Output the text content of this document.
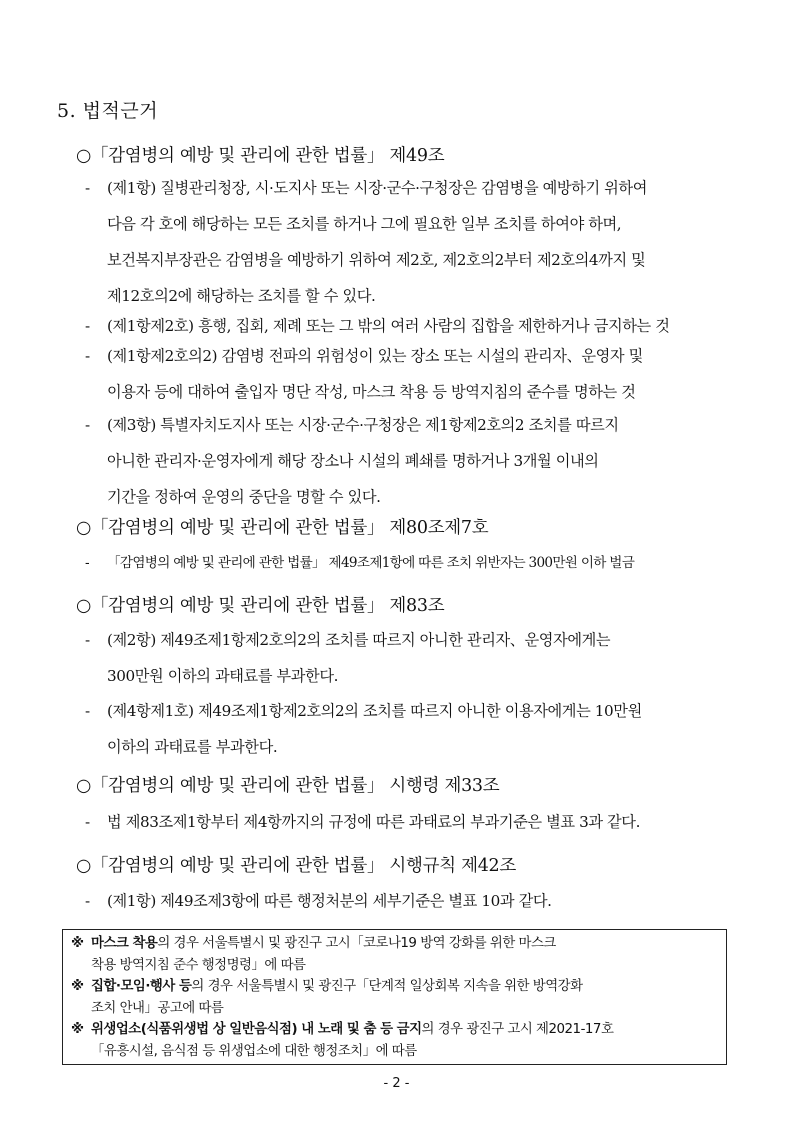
5. 법적근거
○「감염병의 예방 및 관리에 관한 법률」 제49조
- (제1항) 질병관리청장, 시·도지사 또는 시장·군수·구청장은 감염병을 예방하기 위하여
다음 각 호에 해당하는 모든 조치를 하거나 그에 필요한 일부 조치를 하여야 하며,
보건복지부장관은 감염병을 예방하기 위하여 제2호, 제2호의2부터 제2호의4까지 및
제12호의2에 해당하는 조치를 할 수 있다.
- (제1항제2호) 흥행, 집회, 제례 또는 그 밖의 여러 사람의 집합을 제한하거나 금지하는 것
- (제1항제2호의2) 감염병 전파의 위험성이 있는 장소 또는 시설의 관리자、운영자 및
이용자 등에 대하여 출입자 명단 작성, 마스크 착용 등 방역지침의 준수를 명하는 것
- (제3항) 특별자치도지사 또는 시장·군수·구청장은 제1항제2호의2 조치를 따르지
아니한 관리자·운영자에게 해당 장소나 시설의 폐쇄를 명하거나 3개월 이내의
기간을 정하여 운영의 중단을 명할 수 있다.
○「감염병의 예방 및 관리에 관한 법률」 제80조제7호
- 「감염병의 예방 및 관리에 관한 법률」 제49조제1항에 따른 조치 위반자는 300만원 이하 벌금
○「감염병의 예방 및 관리에 관한 법률」 제83조
- (제2항) 제49조제1항제2호의2의 조치를 따르지 아니한 관리자、운영자에게는
300만원 이하의 과태료를 부과한다.
- (제4항제1호) 제49조제1항제2호의2의 조치를 따르지 아니한 이용자에게는 10만원
이하의 과태료를 부과한다.
○「감염병의 예방 및 관리에 관한 법률」 시행령 제33조
- 법 제83조제1항부터 제4항까지의 규정에 따른 과태료의 부과기준은 별표 3과 같다.
○「감염병의 예방 및 관리에 관한 법률」 시행규칙 제42조
- (제1항) 제49조제3항에 따른 행정처분의 세부기준은 별표 10과 같다.
※ 마스크 착용의 경우 서울특별시 및 광진구 고시「코로나19 방역 강화를 위한 마스크
착용 방역지침 준수 행정명령」에 따름
※ 집합·모임·행사 등의 경우 서울특별시 및 광진구「단계적 일상회복 지속을 위한 방역강화
조치 안내」공고에 따름
※ 위생업소(식품위생법 상 일반음식점) 내 노래 및 춤 등 금지의 경우 광진구 고시 제2021-17호
「유흥시설, 음식점 등 위생업소에 대한 행정조치」에 따름
- 2 -
